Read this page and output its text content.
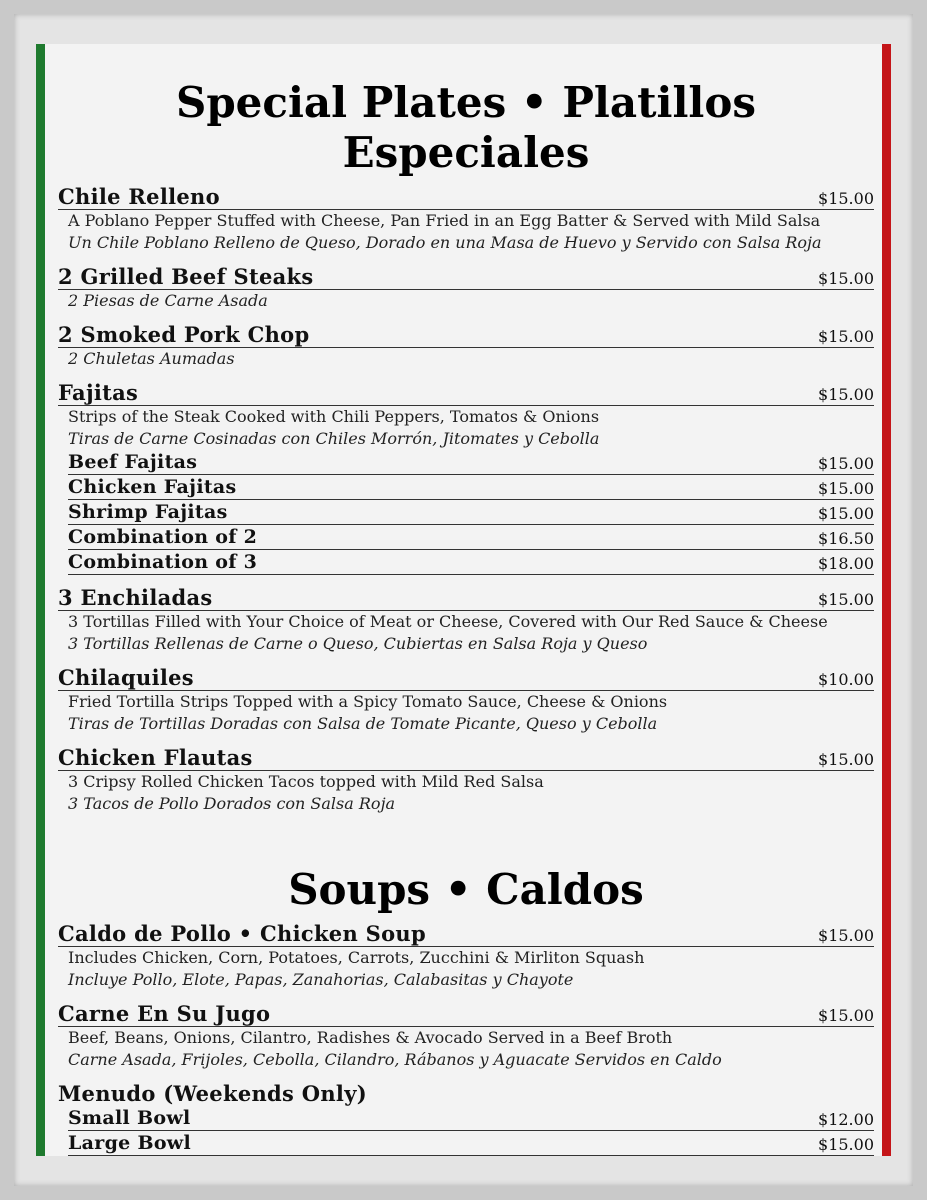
Special Plates • Platillos Especiales
Chile Relleno	$15.00
A Poblano Pepper Stuffed with Cheese, Pan Fried in an Egg Batter & Served with Mild Salsa
Un Chile Poblano Relleno de Queso, Dorado en una Masa de Huevo y Servido con Salsa Roja
2 Grilled Beef Steaks	$15.00
2 Piesas de Carne Asada
2 Smoked Pork Chop	$15.00
2 Chuletas Aumadas
Fajitas	$15.00
Strips of the Steak Cooked with Chili Peppers, Tomatos & Onions
Tiras de Carne Cosinadas con Chiles Morrón, Jitomates y Cebolla
Beef Fajitas	$15.00
Chicken Fajitas	$15.00
Shrimp Fajitas	$15.00
Combination of 2	$16.50
Combination of 3	$18.00
3 Enchiladas	$15.00
3 Tortillas Filled with Your Choice of Meat or Cheese, Covered with Our Red Sauce & Cheese
3 Tortillas Rellenas de Carne o Queso, Cubiertas en Salsa Roja y Queso
Chilaquiles	$10.00
Fried Tortilla Strips Topped with a Spicy Tomato Sauce, Cheese & Onions
Tiras de Tortillas Doradas con Salsa de Tomate Picante, Queso y Cebolla
Chicken Flautas	$15.00
3 Cripsy Rolled Chicken Tacos topped with Mild Red Salsa
3 Tacos de Pollo Dorados con Salsa Roja
Soups • Caldos
Caldo de Pollo • Chicken Soup	$15.00
Includes Chicken, Corn, Potatoes, Carrots, Zucchini & Mirliton Squash
Incluye Pollo, Elote, Papas, Zanahorias, Calabasitas y Chayote
Carne En Su Jugo	$15.00
Beef, Beans, Onions, Cilantro, Radishes & Avocado Served in a Beef Broth
Carne Asada, Frijoles, Cebolla, Cilandro, Rábanos y Aguacate Servidos en Caldo
Menudo (Weekends Only)
Small Bowl	$12.00
Large Bowl	$15.00
